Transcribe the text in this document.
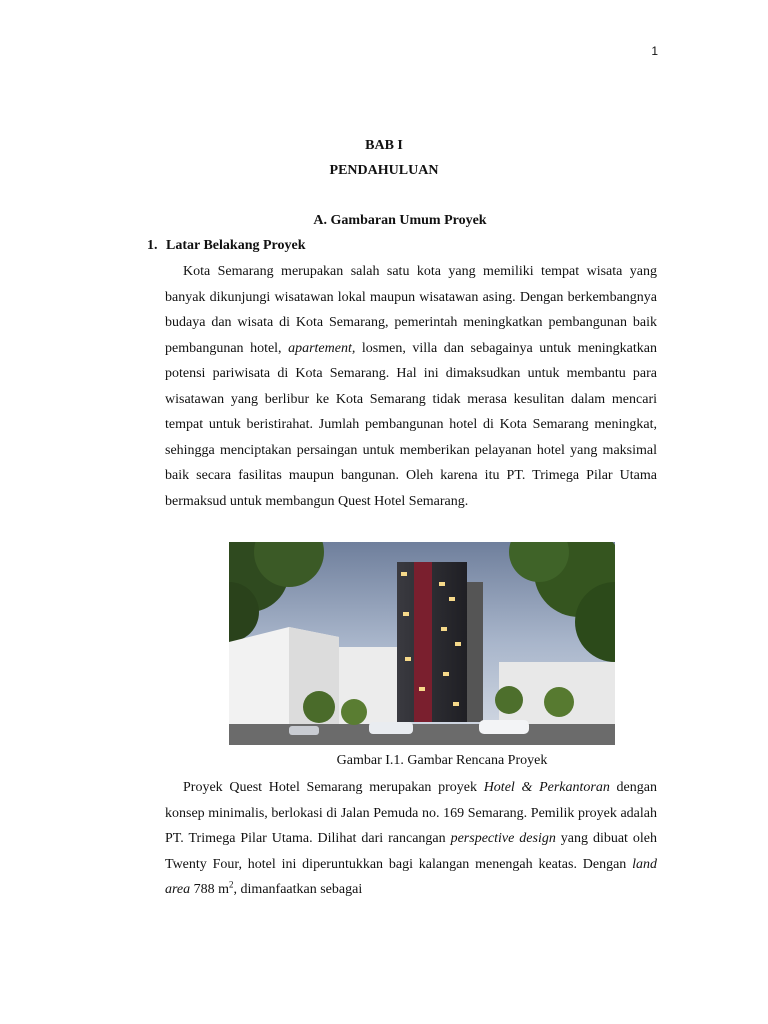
1
BAB I
PENDAHULUAN
A. Gambaran Umum Proyek
1. Latar Belakang Proyek

Kota Semarang merupakan salah satu kota yang memiliki tempat wisata yang banyak dikunjungi wisatawan lokal maupun wisatawan asing. Dengan berkembangnya budaya dan wisata di Kota Semarang, pemerintah meningkatkan pembangunan baik pembangunan hotel, apartement, losmen, villa dan sebagainya untuk meningkatkan potensi pariwisata di Kota Semarang. Hal ini dimaksudkan untuk membantu para wisatawan yang berlibur ke Kota Semarang tidak merasa kesulitan dalam mencari tempat untuk beristirahat. Jumlah pembangunan hotel di Kota Semarang meningkat, sehingga menciptakan persaingan untuk memberikan pelayanan hotel yang maksimal baik secara fasilitas maupun bangunan. Oleh karena itu PT. Trimega Pilar Utama bermaksud untuk membangun Quest Hotel Semarang.

Gambar I.1. Gambar Rencana Proyek

Proyek Quest Hotel Semarang merupakan proyek Hotel & Perkantoran dengan konsep minimalis, berlokasi di Jalan Pemuda no. 169 Semarang. Pemilik proyek adalah PT. Trimega Pilar Utama. Dilihat dari rancangan perspective design yang dibuat oleh Twenty Four, hotel ini diperuntukkan bagi kalangan menengah keatas. Dengan land area 788 $m^2$, dimanfaatkan sebagai
